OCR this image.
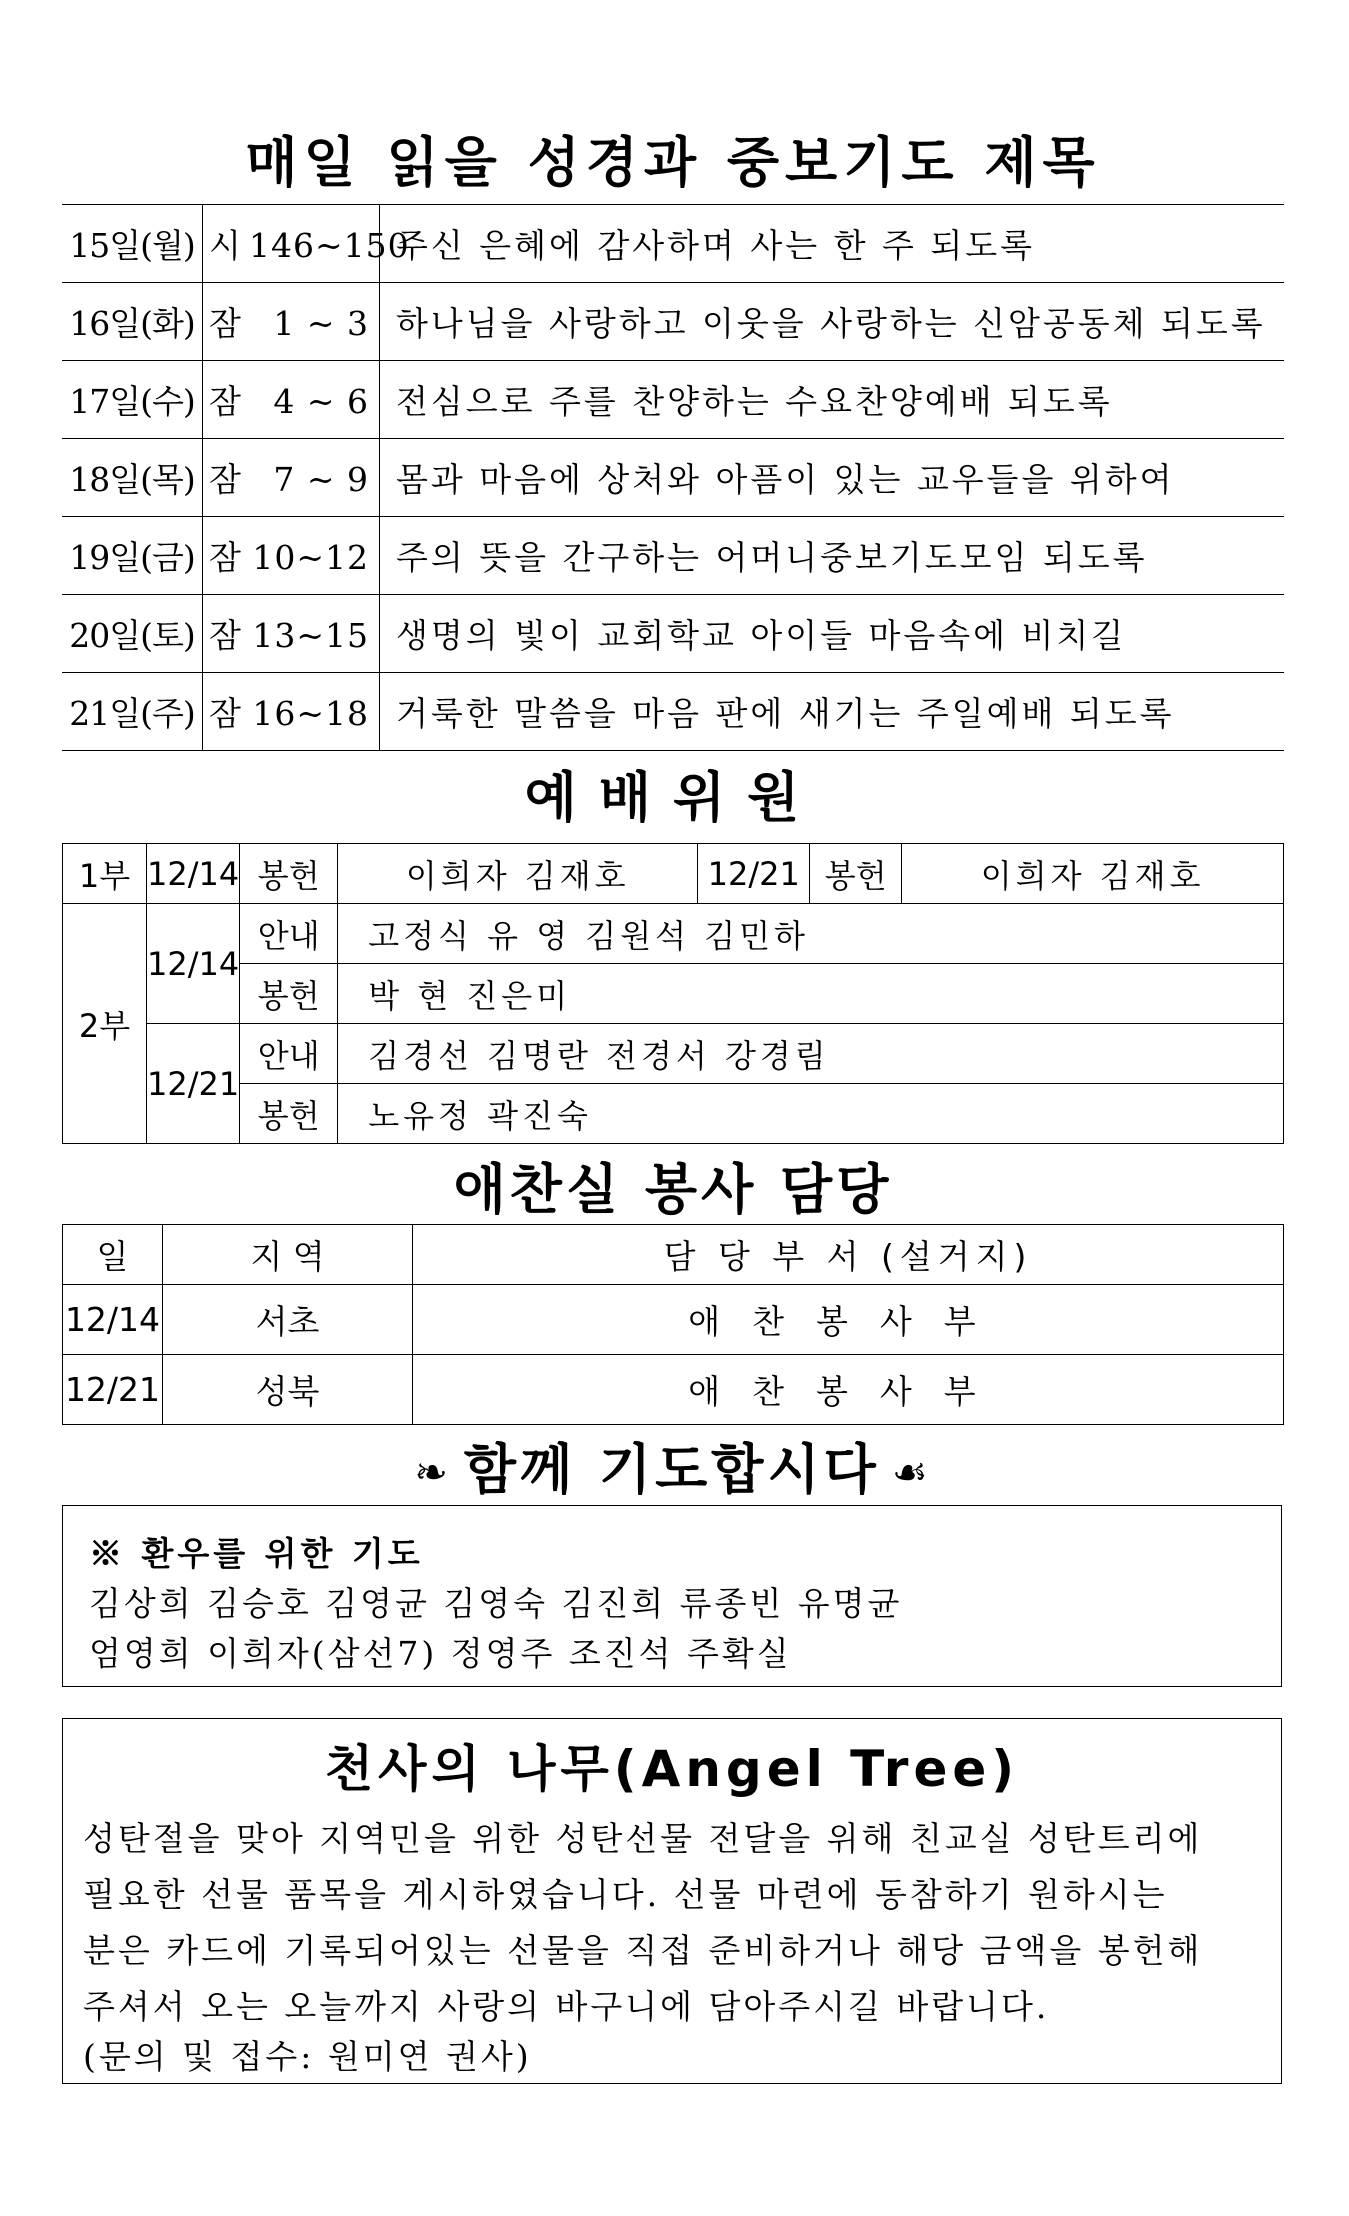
매일 읽을 성경과 중보기도 제목
15일(월)	시 146~150	주신 은혜에 감사하며 사는 한 주 되도록
16일(화)	잠 1 ~ 3	하나님을 사랑하고 이웃을 사랑하는 신암공동체 되도록
17일(수)	잠 4 ~ 6	전심으로 주를 찬양하는 수요찬양예배 되도록
18일(목)	잠 7 ~ 9	몸과 마음에 상처와 아픔이 있는 교우들을 위하여
19일(금)	잠 10~12	주의 뜻을 간구하는 어머니중보기도모임 되도록
20일(토)	잠 13~15	생명의 빛이 교회학교 아이들 마음속에 비치길
21일(주)	잠 16~18	거룩한 말씀을 마음 판에 새기는 주일예배 되도록
예배위원
1부	12/14	봉헌	이희자 김재호	12/21	봉헌	이희자 김재호
2부	12/14	안내	고정식 유 영 김원석 김민하			
		봉헌	박 현 진은미			
	12/21	안내	김경선 김명란 전경서 강경림			
		봉헌	노유정 곽진숙			
애찬실 봉사 담당
일	지 역	담 당 부 서 (설거지)
12/14	서초	애찬봉사부
12/21	성북	애찬봉사부
❧ 함께 기도합시다 ☙
※ 환우를 위한 기도
김상희 김승호 김영균 김영숙 김진희 류종빈 유명균
엄영희 이희자(삼선7) 정영주 조진석 주확실
천사의 나무(Angel Tree)
성탄절을 맞아 지역민을 위한 성탄선물 전달을 위해 친교실 성탄트리에
필요한 선물 품목을 게시하였습니다. 선물 마련에 동참하기 원하시는
분은 카드에 기록되어있는 선물을 직접 준비하거나 해당 금액을 봉헌해
주셔서 오는 오늘까지 사랑의 바구니에 담아주시길 바랍니다.
(문의 및 접수: 원미연 권사)
